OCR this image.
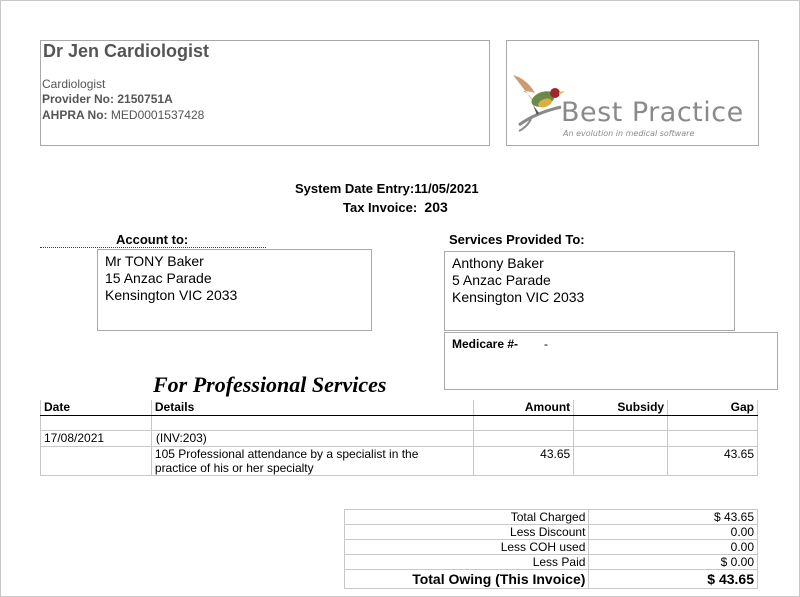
Dr Jen Cardiologist
Cardiologist
Provider No: 2150751A
AHPRA No: MED0001537428	Best Practice
An evolution in medical software
System Date Entry:11/05/2021
Tax Invoice: 203
Account to:
Mr TONY Baker
15 Anzac Parade
Kensington VIC 2033
Services Provided To:
Anthony Baker
5 Anzac Parade
Kensington VIC 2033
Medicare #- -
For Professional Services
Date	Details	Amount	Subsidy	Gap

17/08/2021	(INV:203)			

	105 Professional attendance by a specialist in the
practice of his or her specialty	43.65		43.65
Total Charged	$ 43.65
Less Discount	0.00
Less COH used	0.00
Less Paid	$ 0.00
Total Owing (This Invoice)	$ 43.65
